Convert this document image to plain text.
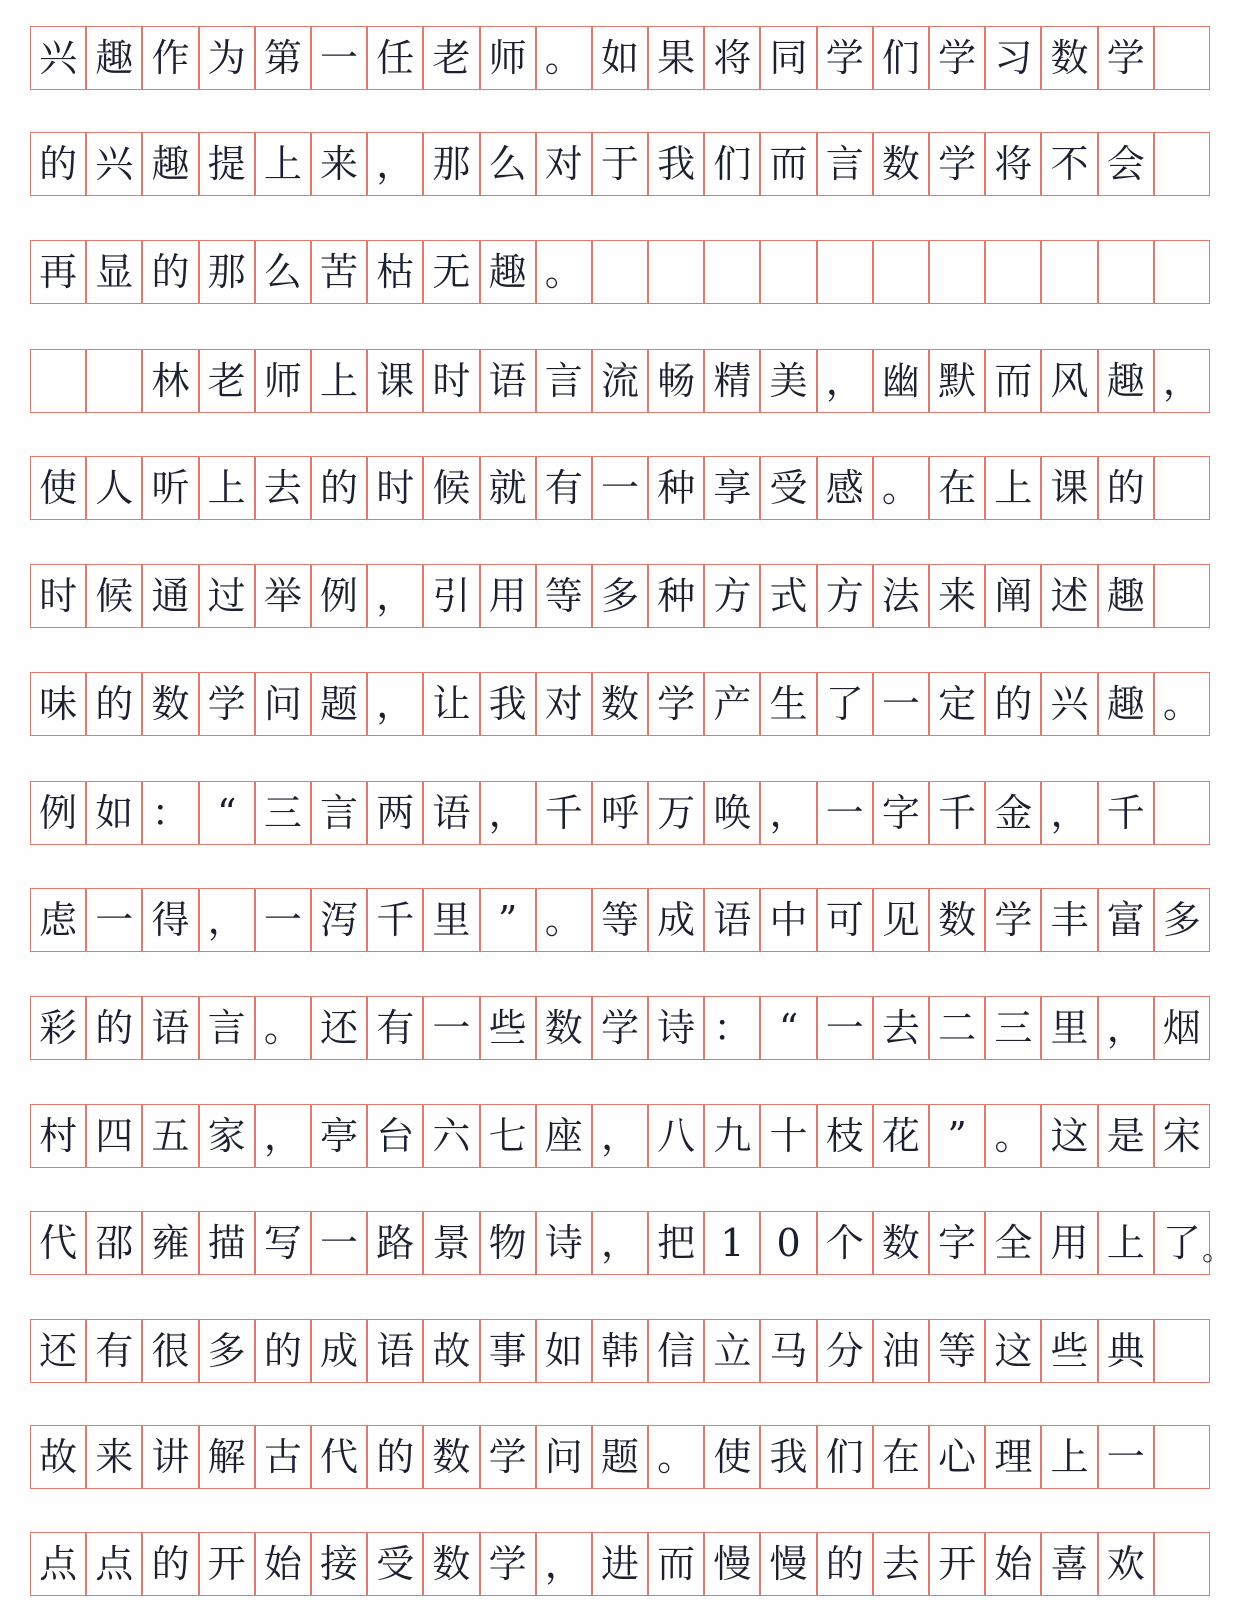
兴 趣 作 为 第 一 任 老 师 。 如 果 将 同 学 们 学 习 数 学
的 兴 趣 提 上 来 ， 那 么 对 于 我 们 而 言 数 学 将 不 会
再 显 的 那 么 苦 枯 无 趣 。
林 老 师 上 课 时 语 言 流 畅 精 美 ， 幽 默 而 风 趣 ，
使 人 听 上 去 的 时 候 就 有 一 种 享 受 感 。 在 上 课 的
时 候 通 过 举 例 ， 引 用 等 多 种 方 式 方 法 来 阐 述 趣
味 的 数 学 问 题 ， 让 我 对 数 学 产 生 了 一 定 的 兴 趣 。
例 如 ： “ 三 言 两 语 ， 千 呼 万 唤 ， 一 字 千 金 ， 千
虑 一 得 ， 一 泻 千 里 ” 。 等 成 语 中 可 见 数 学 丰 富 多
彩 的 语 言 。 还 有 一 些 数 学 诗 ： “ 一 去 二 三 里 ， 烟
村 四 五 家 ， 亭 台 六 七 座 ， 八 九 十 枝 花 ” 。 这 是 宋
代 邵 雍 描 写 一 路 景 物 诗 ， 把 1 0 个 数 字 全 用 上 了 。
还 有 很 多 的 成 语 故 事 如 韩 信 立 马 分 油 等 这 些 典
故 来 讲 解 古 代 的 数 学 问 题 。 使 我 们 在 心 理 上 一
点 点 的 开 始 接 受 数 学 ， 进 而 慢 慢 的 去 开 始 喜 欢
